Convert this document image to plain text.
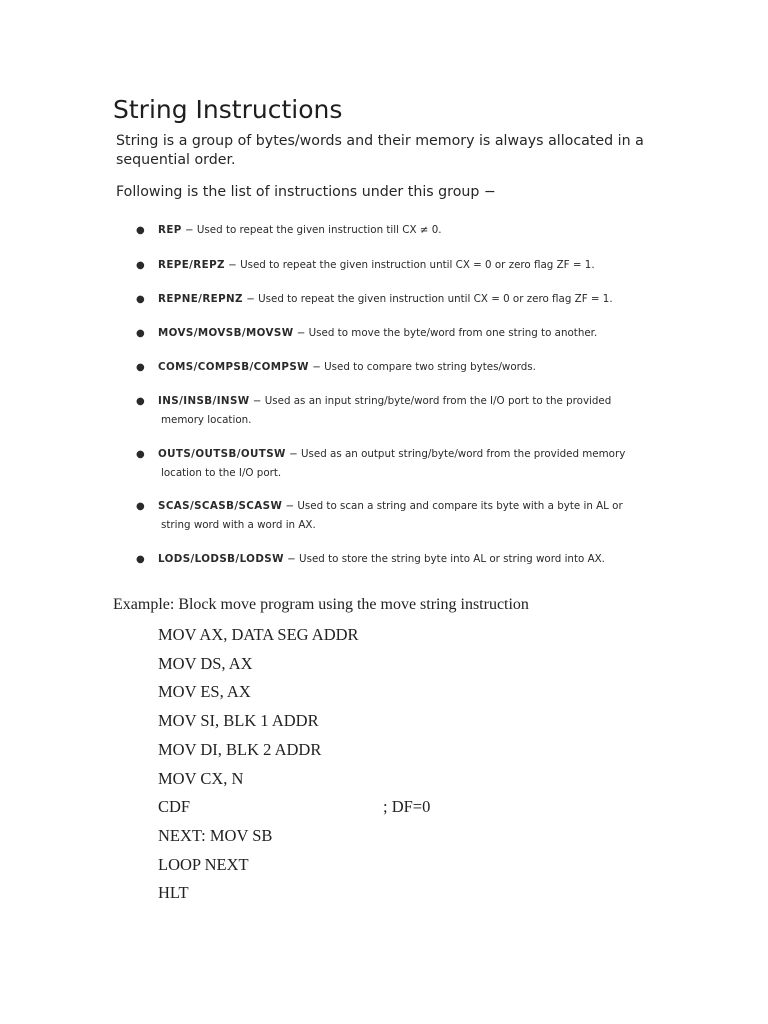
String Instructions
String is a group of bytes/words and their memory is always allocated in a sequential order.
Following is the list of instructions under this group −
● REP − Used to repeat the given instruction till CX ≠ 0.
● REPE/REPZ − Used to repeat the given instruction until CX = 0 or zero flag ZF = 1.
● REPNE/REPNZ − Used to repeat the given instruction until CX = 0 or zero flag ZF = 1.
● MOVS/MOVSB/MOVSW − Used to move the byte/word from one string to another.
● COMS/COMPSB/COMPSW − Used to compare two string bytes/words.
● INS/INSB/INSW − Used as an input string/byte/word from the I/O port to the provided
memory location.
● OUTS/OUTSB/OUTSW − Used as an output string/byte/word from the provided memory
location to the I/O port.
● SCAS/SCASB/SCASW − Used to scan a string and compare its byte with a byte in AL or
string word with a word in AX.
● LODS/LODSB/LODSW − Used to store the string byte into AL or string word into AX.
Example: Block move program using the move string instruction
MOV AX, DATA SEG ADDR
MOV DS, AX
MOV ES, AX
MOV SI, BLK 1 ADDR
MOV DI, BLK 2 ADDR
MOV CX, N
CDF	; DF=0
NEXT: MOV SB
LOOP NEXT
HLT
